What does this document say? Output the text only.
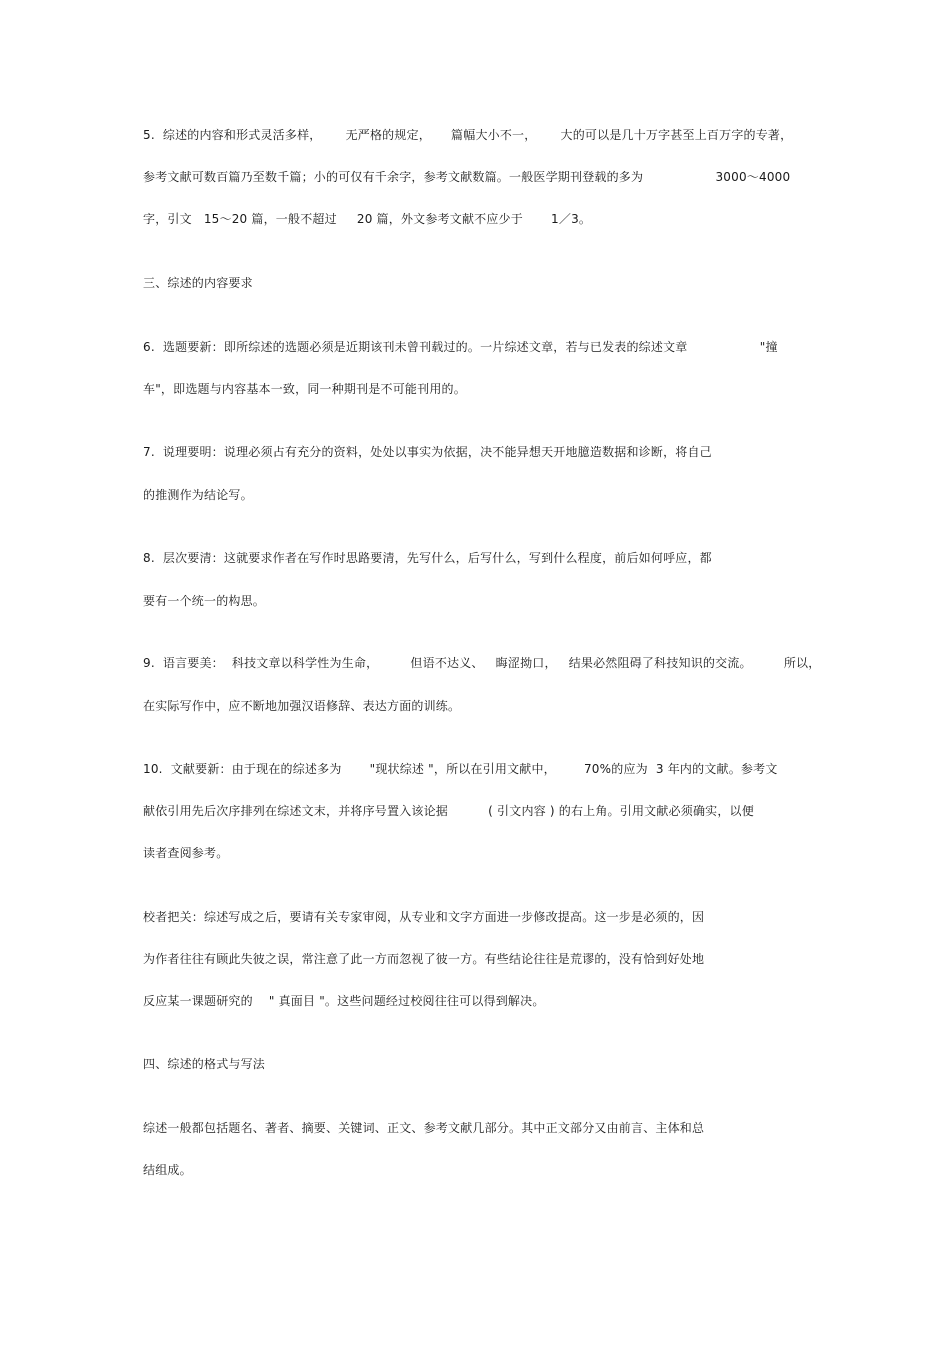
5.  综述的内容和形式灵活多样，      无严格的规定，     篇幅大小不一，      大的可以是几十万字甚至上百万字的专著，
参考文献可数百篇乃至数千篇；小的可仅有千余字，参考文献数篇。一般医学期刊登载的多为                  3000～4000
字，引文   15～20 篇，一般不超过     20 篇，外文参考文献不应少于       1／3。
三、综述的内容要求
6.  选题要新：即所综述的选题必须是近期该刊未曾刊载过的。一片综述文章，若与已发表的综述文章                  "撞
车"，即选题与内容基本一致，同一种期刊是不可能刊用的。
7.  说理要明：说理必须占有充分的资料，处处以事实为依据，决不能异想天开地臆造数据和诊断，将自己
的推测作为结论写。
8.  层次要清：这就要求作者在写作时思路要清，先写什么，后写什么，写到什么程度，前后如何呼应，都
要有一个统一的构思。
9.  语言要美：  科技文章以科学性为生命，        但语不达义、   晦涩拗口，   结果必然阻碍了科技知识的交流。        所以，
在实际写作中，应不断地加强汉语修辞、表达方面的训练。
10.  文献要新：由于现在的综述多为       "现状综述 "，所以在引用文献中，       70%的应为  3 年内的文献。参考文
献依引用先后次序排列在综述文末，并将序号置入该论据          ( 引文内容 ) 的右上角。引用文献必须确实，以便
读者查阅参考。
校者把关：综述写成之后，要请有关专家审阅，从专业和文字方面进一步修改提高。这一步是必须的，因
为作者往往有顾此失彼之误，常注意了此一方而忽视了彼一方。有些结论往往是荒谬的，没有恰到好处地
反应某一课题研究的    " 真面目 "。这些问题经过校阅往往可以得到解决。
四、综述的格式与写法
综述一般都包括题名、著者、摘要、关键词、正文、参考文献几部分。其中正文部分又由前言、主体和总
结组成。
